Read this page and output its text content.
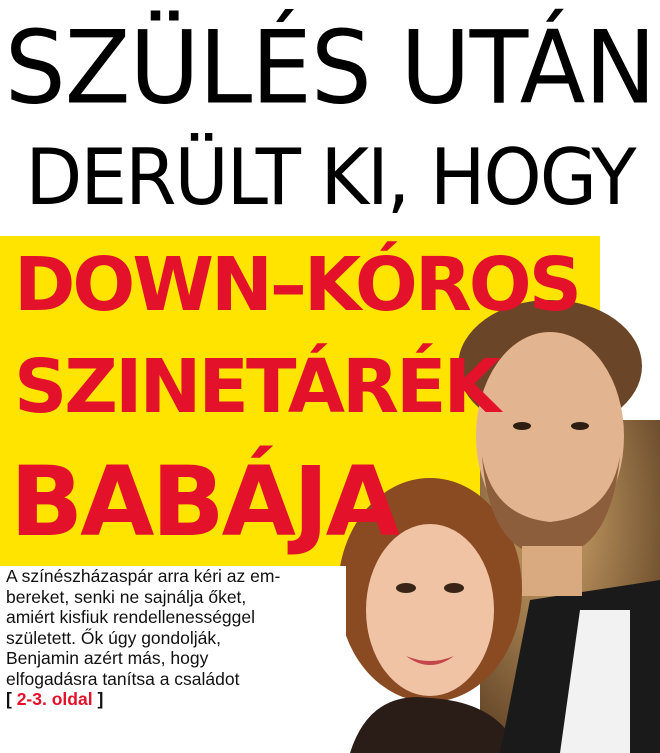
SZÜLÉS UTÁN
DERÜLT KI, HOGY
DOWN–KÓROS
SZINETÁRÉK
BABÁJA

A színészházaspár arra kéri az em-

bereket, senki ne sajnálja őket,

amiért kisfiuk rendellenességgel

született. Ők úgy gondolják,

Benjamin azért más, hogy

elfogadásra tanítsa a családot

[ 2-3. oldal ]
